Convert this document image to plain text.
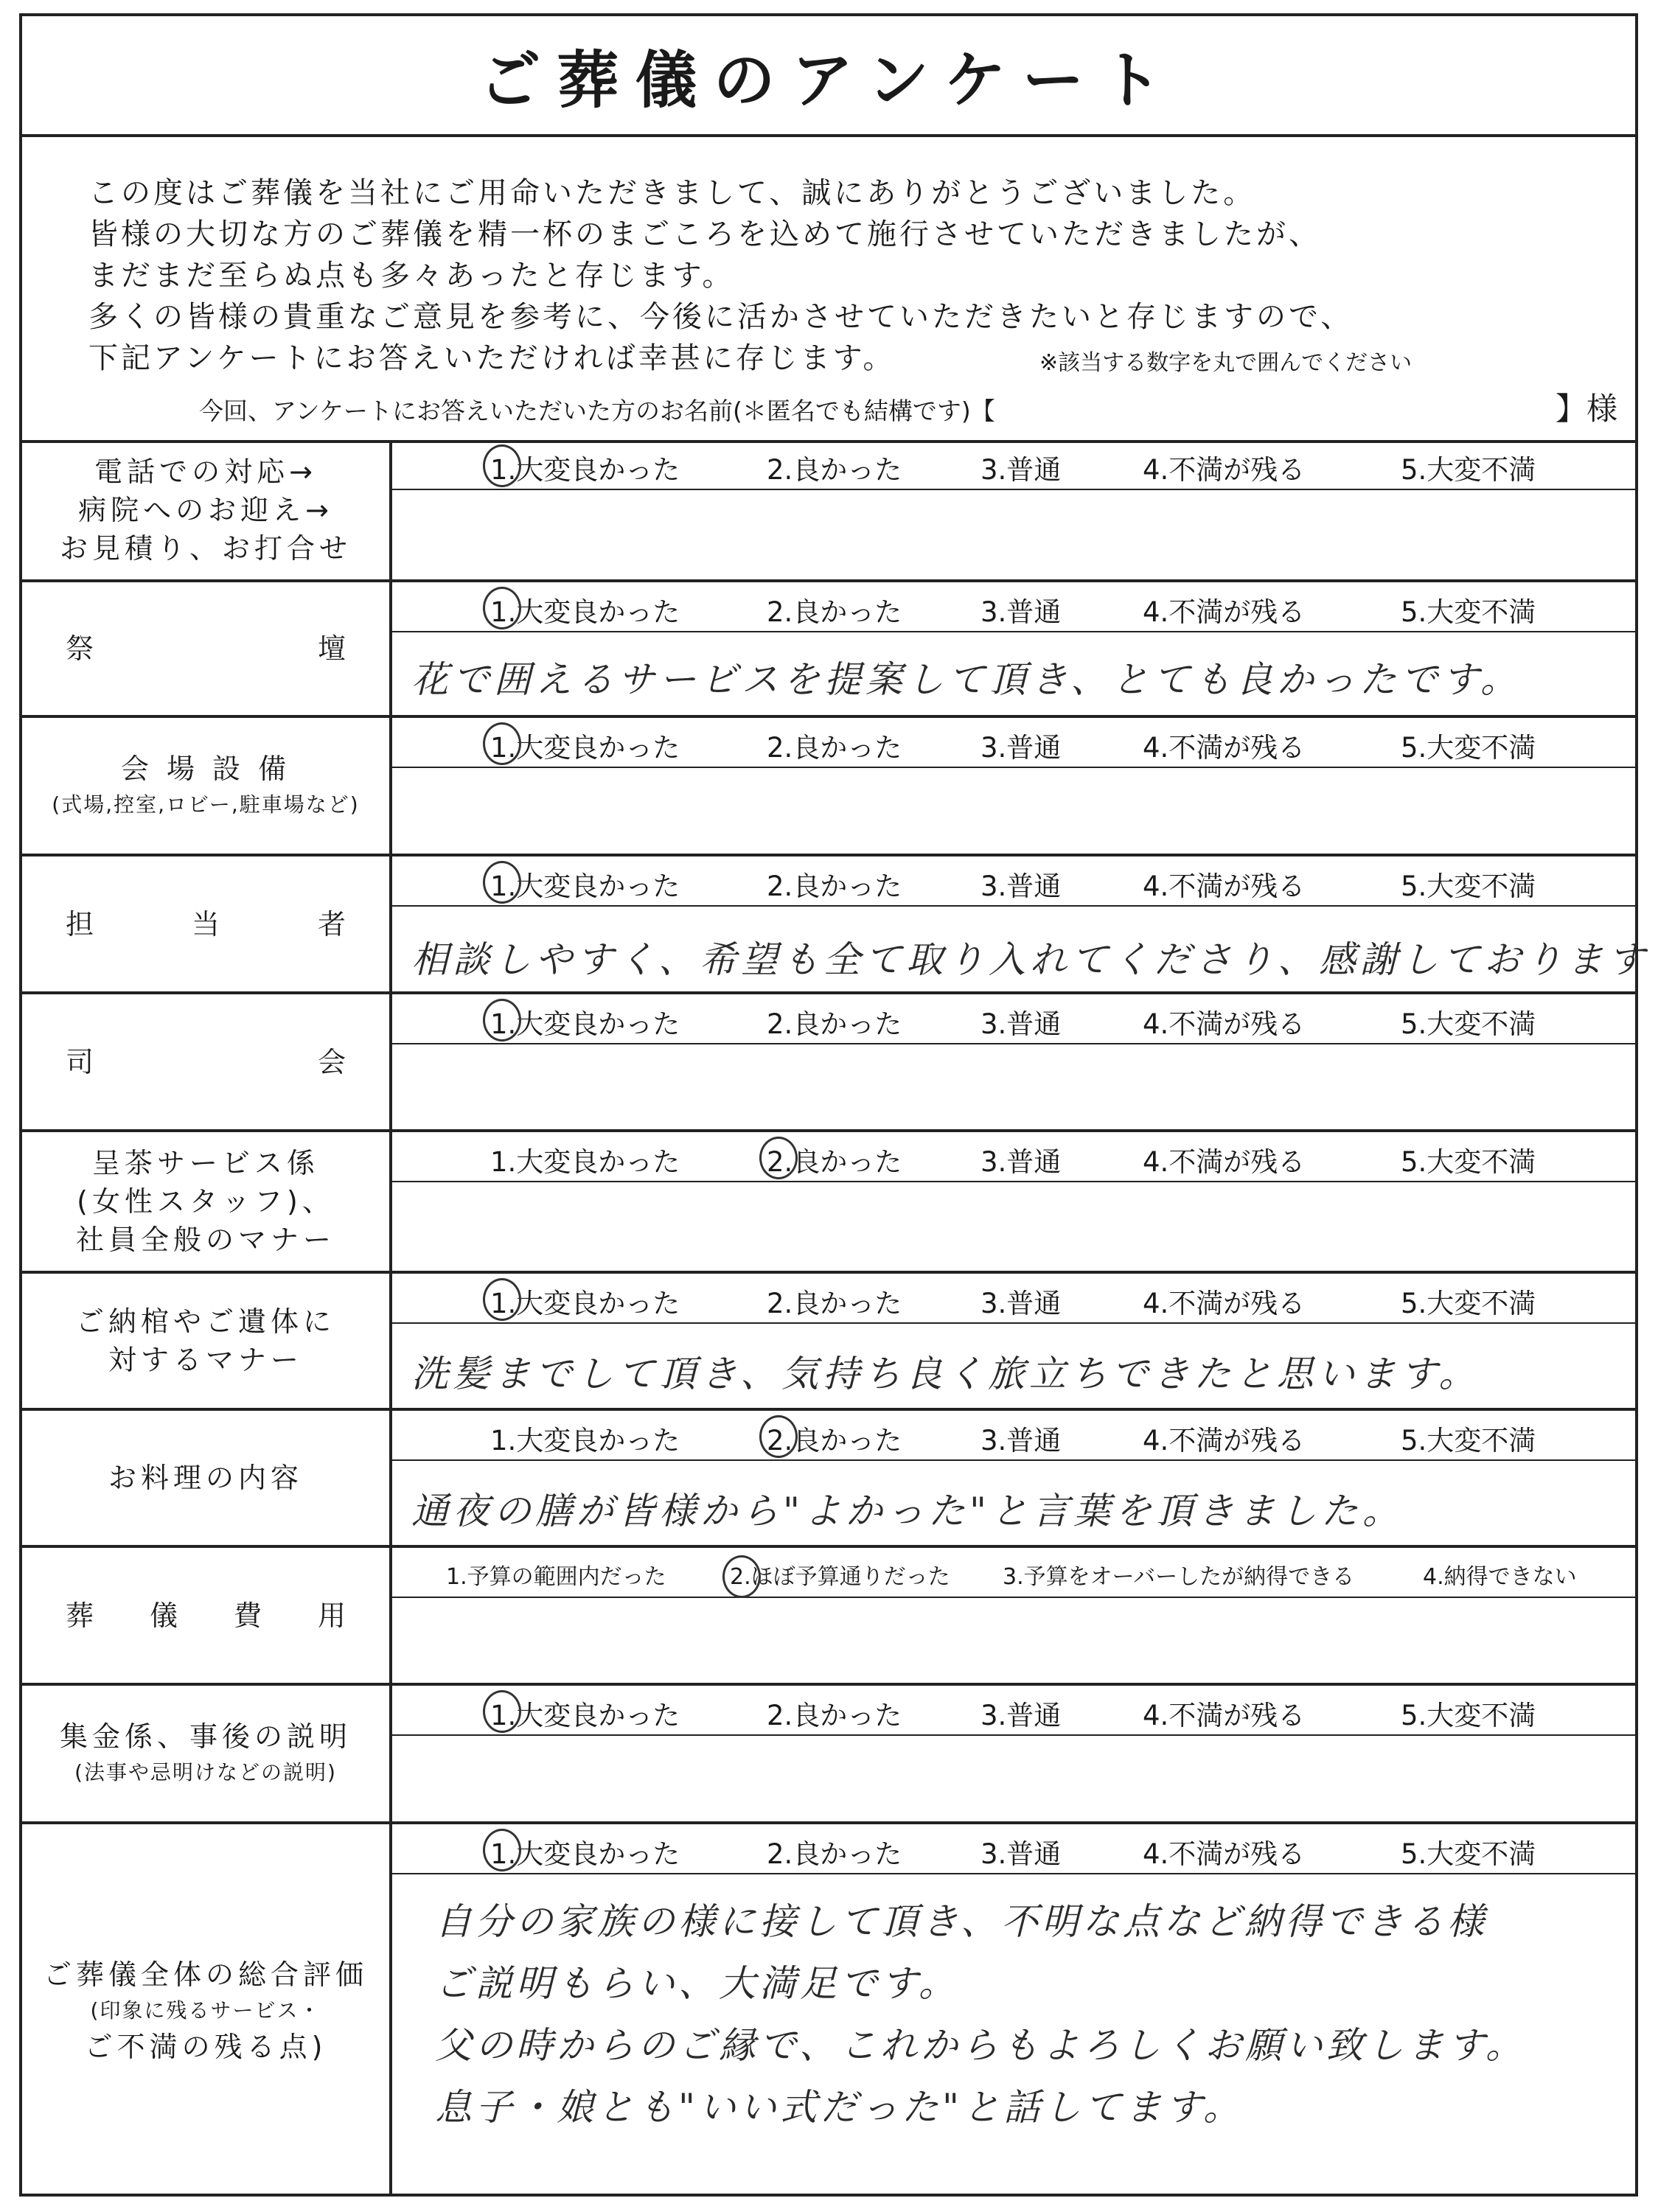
ご葬儀のアンケート
この度はご葬儀を当社にご用命いただきまして、誠にありがとうございました。
皆様の大切な方のご葬儀を精一杯のまごころを込めて施行させていただきましたが、
まだまだ至らぬ点も多々あったと存じます。
多くの皆様の貴重なご意見を参考に、今後に活かさせていただきたいと存じますので、
下記アンケートにお答えいただければ幸甚に存じます。	※該当する数字を丸で囲んでください
今回、アンケートにお答えいただいた方のお名前(＊匿名でも結構です)【	】様
電話での対応→
病院へのお迎え→
お見積り、お打合せ
1.大変良かった	2.良かった	3.普通	4.不満が残る	5.大変不満
祭	壇
1.大変良かった	2.良かった	3.普通	4.不満が残る	5.大変不満
花で囲えるサービスを提案して頂き、とても良かったです。
会 場 設 備
(式場,控室,ロビー,駐車場など)
1.大変良かった	2.良かった	3.普通	4.不満が残る	5.大変不満
担	当	者
1.大変良かった	2.良かった	3.普通	4.不満が残る	5.大変不満
相談しやすく、希望も全て取り入れてくださり、感謝しております
司	会
1.大変良かった	2.良かった	3.普通	4.不満が残る	5.大変不満
呈茶サービス係
(女性スタッフ)、
社員全般のマナー
1.大変良かった	2.良かった	3.普通	4.不満が残る	5.大変不満
ご納棺やご遺体に
対するマナー
1.大変良かった	2.良かった	3.普通	4.不満が残る	5.大変不満
洗髪までして頂き、気持ち良く旅立ちできたと思います。
お料理の内容
1.大変良かった	2.良かった	3.普通	4.不満が残る	5.大変不満
通夜の膳が皆様から"よかった"と言葉を頂きました。
葬 儀 費 用
1.予算の範囲内だった	2.ほぼ予算通りだった 3.予算をオーバーしたが納得できる	4.納得できない
集金係、事後の説明
(法事や忌明けなどの説明)
1.大変良かった	2.良かった	3.普通	4.不満が残る	5.大変不満
ご葬儀全体の総合評価
(印象に残るサービス・
ご不満の残る点)
1.大変良かった	2.良かった	3.普通	4.不満が残る	5.大変不満
自分の家族の様に接して頂き、不明な点など納得できる様
ご説明もらい、大満足です。
父の時からのご縁で、これからもよろしくお願い致します。
息子・娘とも"いい式だった"と話してます。
